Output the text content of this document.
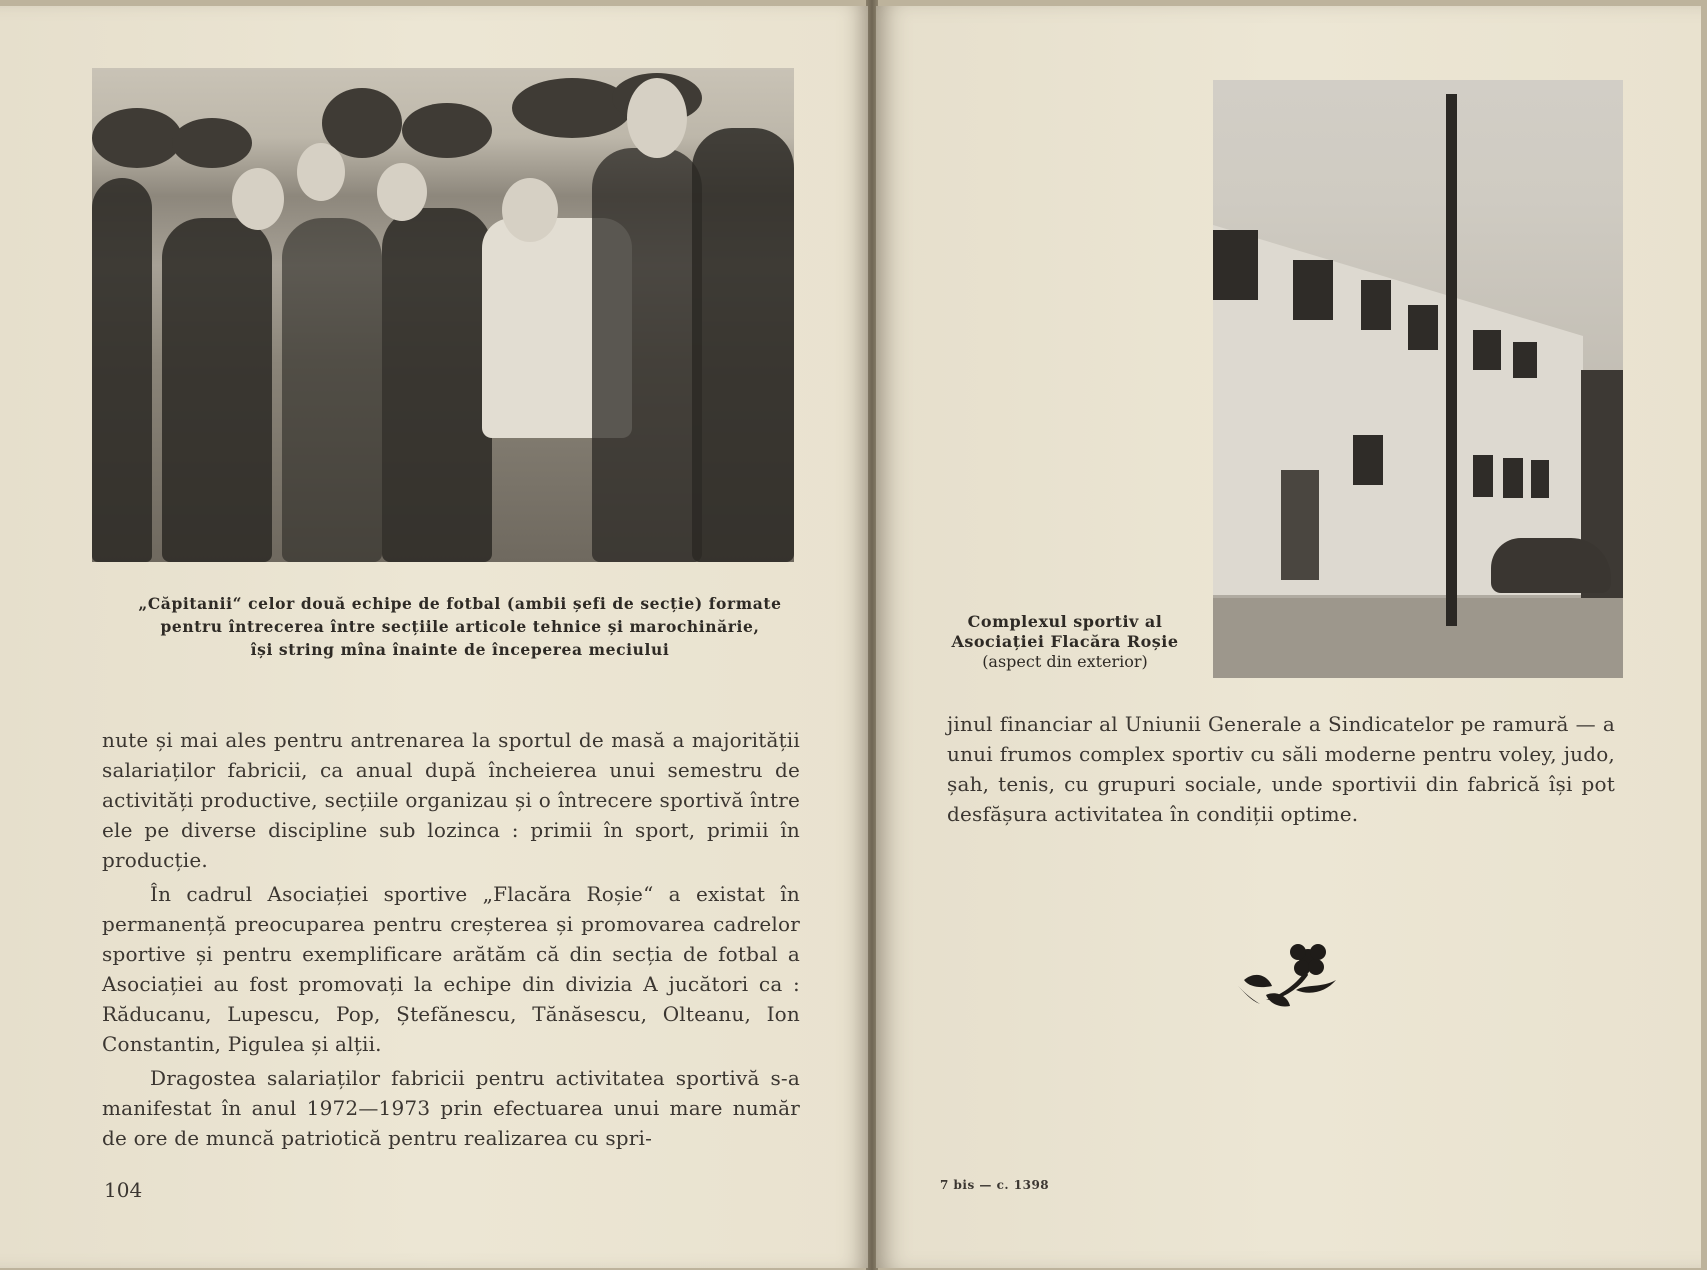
„Căpitanii“ celor două echipe de fotbal (ambii șefi de secție) formate
pentru întrecerea între secțiile articole tehnice și marochinărie,
își string mîna înainte de începerea meciului

nute și mai ales pentru antrenarea la sportul de masă a majorității salariaților fabricii, ca anual după încheierea unui semestru de activități productive, secțiile organizau și o întrecere sportivă între ele pe diverse discipline sub lozinca : primii în sport, primii în producție.

În cadrul Asociației sportive „Flacăra Roșie“ a existat în permanență preocuparea pentru creșterea și promovarea cadrelor sportive și pentru exemplificare arătăm că din secția de fotbal a Asociației au fost promovați la echipe din divizia A jucători ca : Răducanu, Lupescu, Pop, Ștefănescu, Tănăsescu, Olteanu, Ion Constantin, Pigulea și alții.

Dragostea salariaților fabricii pentru activitatea sportivă s-a manifestat în anul 1972—1973 prin efectuarea unui mare număr de ore de muncă patriotică pentru realizarea cu spri-

104
Complexul sportiv al
Asociației Flacăra Roșie
(aspect din exterior)

jinul financiar al Uniunii Generale a Sindicatelor pe ramură — a unui frumos complex sportiv cu săli moderne pentru voley, judo, șah, tenis, cu grupuri sociale, unde sportivii din fabrică își pot desfășura activitatea în condiții optime.

7 bis — c. 1398
